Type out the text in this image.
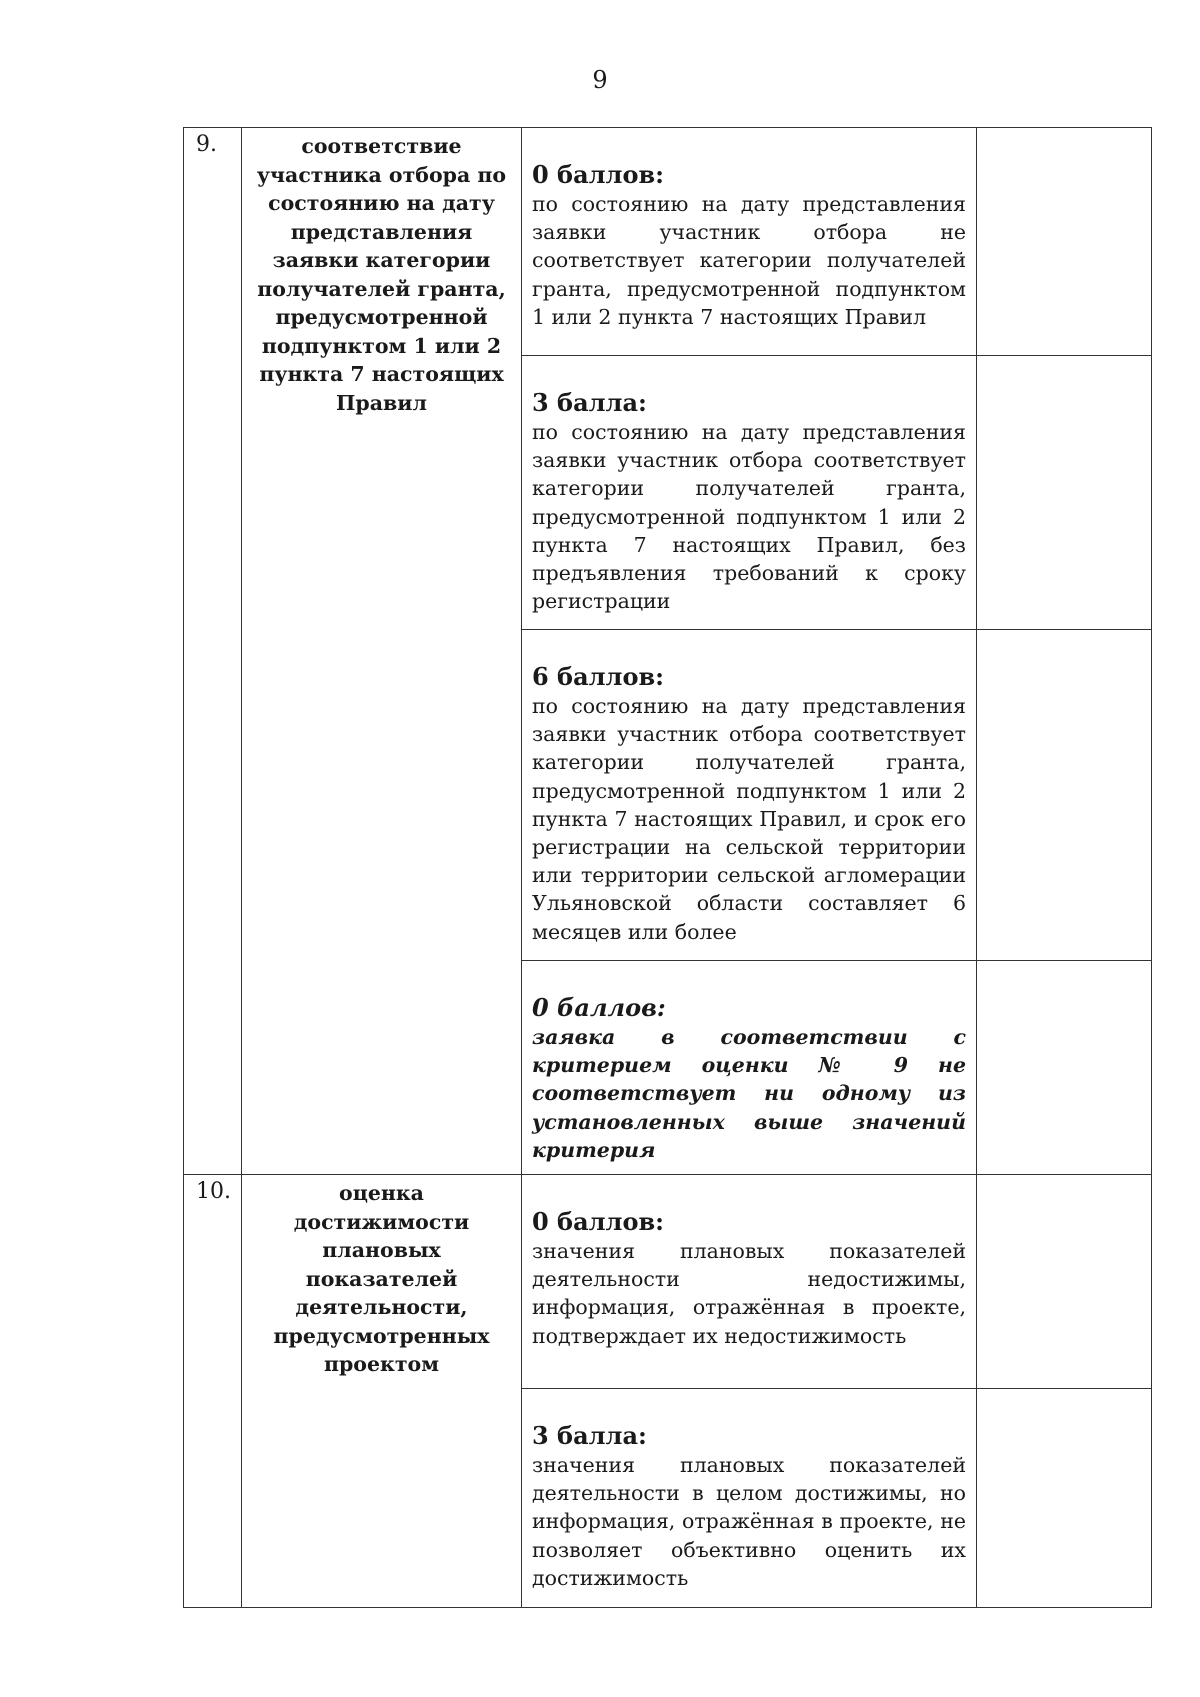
9
9.	соответствие участника отбора по состоянию на дату представления заявки категории получателей гранта, предусмотренной подпунктом 1 или 2 пункта 7 настоящих Правил	0 баллов:
по состоянию на дату представления заявки участник отбора не соответствует категории получателей гранта, предусмотренной подпунктом 1 или 2 пункта 7 настоящих Правил	

		3 балла:
по состоянию на дату представления заявки участник отбора соответствует категории получателей гранта, предусмотренной подпунктом 1 или 2 пункта 7 настоящих Правил, без предъявления требований к сроку регистрации	

		6 баллов:
по состоянию на дату представления заявки участник отбора соответствует категории получателей гранта, предусмотренной подпунктом 1 или 2 пункта 7 настоящих Правил, и срок его регистрации на сельской территории или территории сельской агломерации Ульяновской области составляет 6 месяцев или более	

		0 баллов:
заявка в соответствии с критерием оценки № 9 не соответствует ни одному из установленных выше значений критерия	

10.	оценка достижимости плановых показателей деятельности, предусмотренных проектом	0 баллов:
значения плановых показателей деятельности недостижимы, информация, отражённая в проекте, подтверждает их недостижимость	

		3 балла:
значения плановых показателей деятельности в целом достижимы, но информация, отражённая в проекте, не позволяет объективно оценить их достижимость	
